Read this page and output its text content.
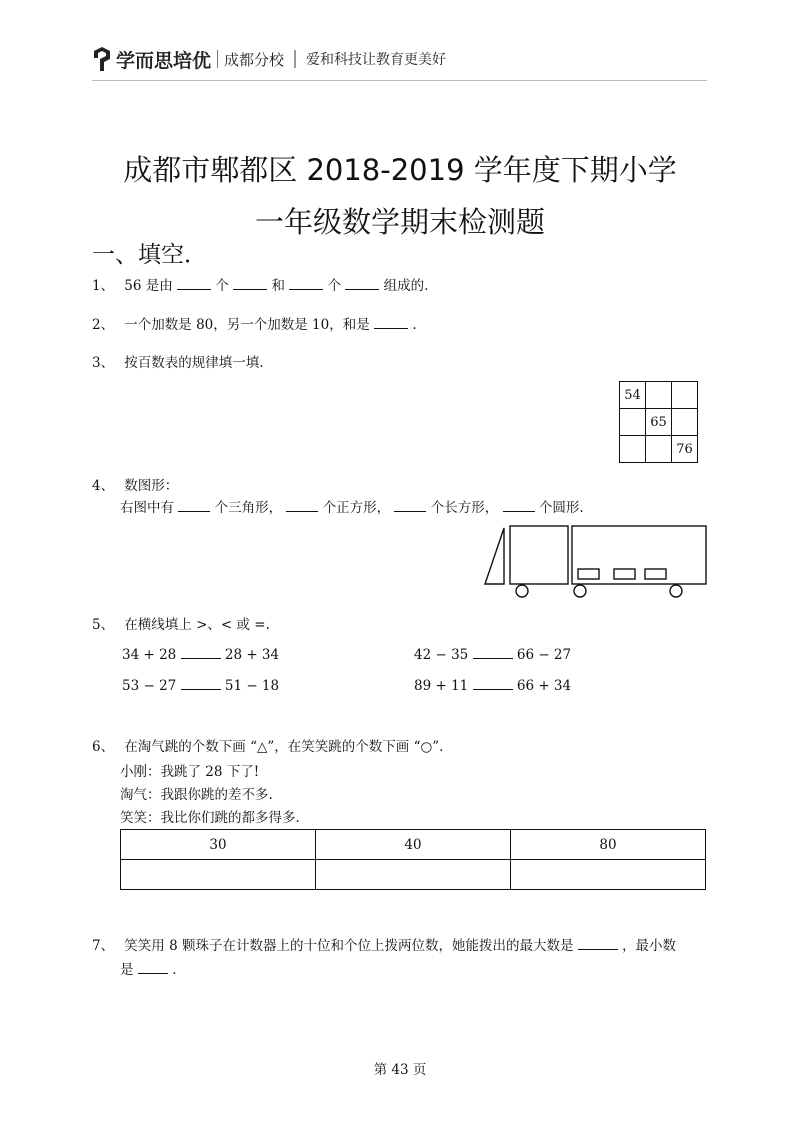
学而思培优 成都分校 爱和科技让教育更美好
成都市郫都区 2018-2019 学年度下期小学
一年级数学期末检测题
一、填空．
1、 56 是由	个	和	个	组成的.
2、 一个加数是 80，另一个加数是 10，和是	.
3、 按百数表的规律填一填.
54		
	65	
		76
4、 数图形：
右图中有	个三角形，	个正方形，	个长方形，	个圆形.
5、 在横线填上 >、< 或 =.
34 + 28	28 + 34	42 − 35	66 − 27
53 − 27	51 − 18	89 + 11	66 + 34
6、 在淘气跳的个数下画 “△”，在笑笑跳的个数下画 “○”.
小刚：我跳了 28 下了!
淘气：我跟你跳的差不多.
笑笑：我比你们跳的都多得多.
30	40	80

7、 笑笑用 8 颗珠子在计数器上的十位和个位上拨两位数，她能拨出的最大数是	，最小数
是	.
第 43 页
